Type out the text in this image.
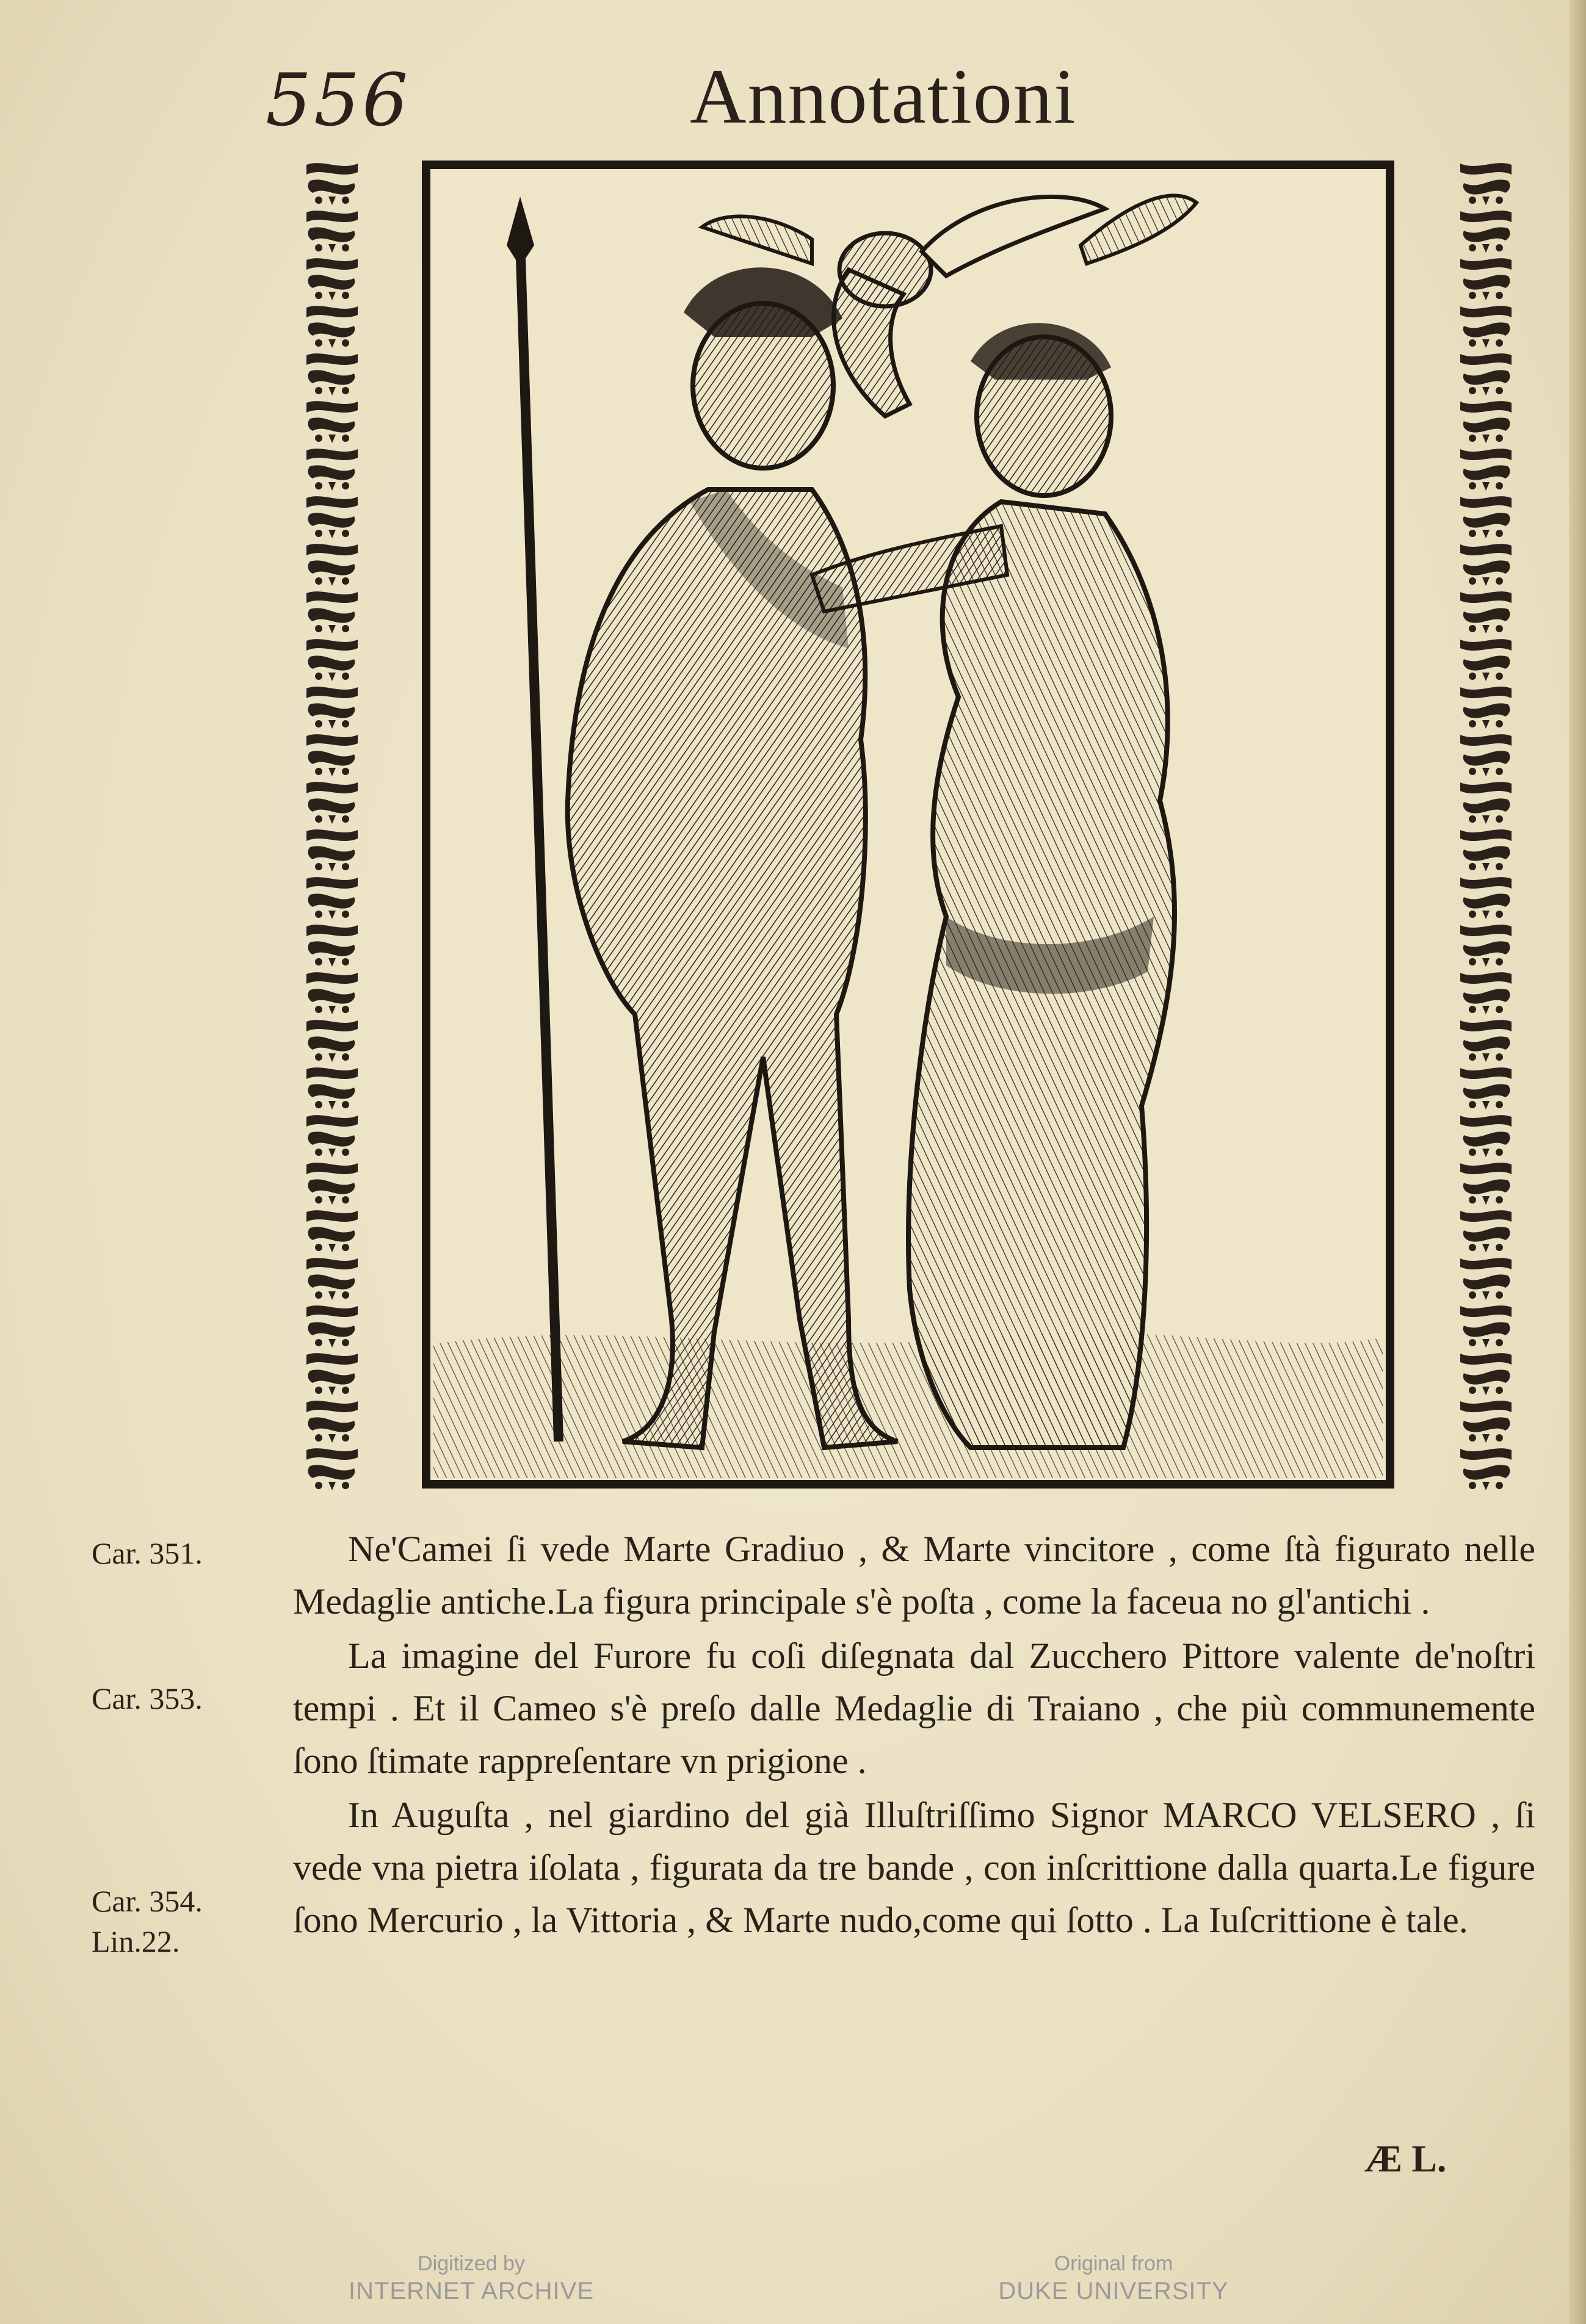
556	Annotationi
Car. 351.
Car. 353.
Car. 354.
Lin.22.

Ne'Camei ſi vede Marte Gradiuo , & Marte vincitore , come ſtà figurato nelle Medaglie antiche.La figura principale s'è poſta , come la faceua no gl'antichi .

La imagine del Furore fu coſi diſegnata dal Zucchero Pittore valente de'noſtri tempi . Et il Cameo s'è preſo dalle Medaglie di Traiano , che più communemente ſono ſtimate rappreſentare vn prigione .

In Auguſta , nel giardino del già Illuſtriſſimo Signor MARCO VELSERO , ſi vede vna pietra iſolata , figurata da tre bande , con inſcrittione dalla quarta.Le figure ſono Mercurio , la Vittoria , & Marte nudo,come qui ſotto . La Iuſcrittione è tale.

Æ L.
Digitized by
INTERNET ARCHIVE
Original from
DUKE UNIVERSITY
